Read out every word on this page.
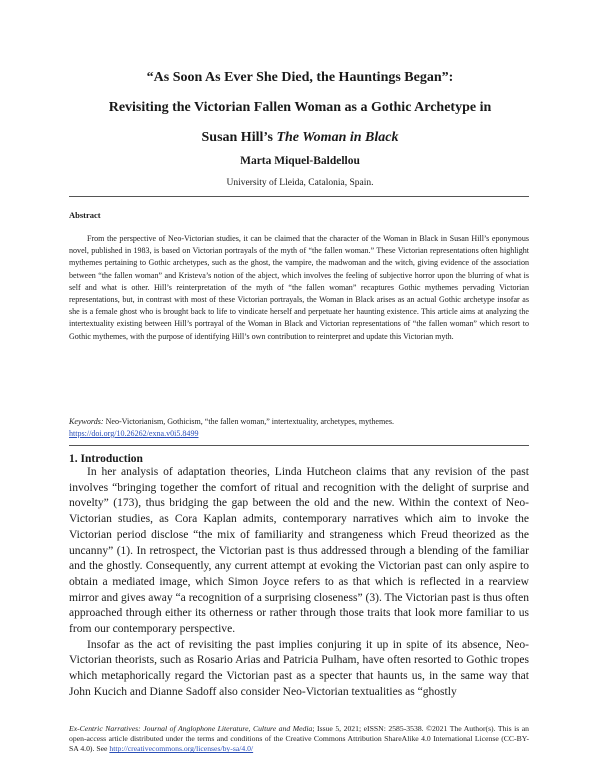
“As Soon As Ever She Died, the Hauntings Began”:
Revisiting the Victorian Fallen Woman as a Gothic Archetype in
Susan Hill’s The Woman in Black
Marta Miquel-Baldellou
University of Lleida, Catalonia, Spain.
Abstract

From the perspective of Neo-Victorian studies, it can be claimed that the character of the Woman in Black in Susan Hill’s eponymous novel, published in 1983, is based on Victorian portrayals of the myth of “the fallen woman.” These Victorian representations often highlight mythemes pertaining to Gothic archetypes, such as the ghost, the vampire, the madwoman and the witch, giving evidence of the association between “the fallen woman” and Kristeva’s notion of the abject, which involves the feeling of subjective horror upon the blurring of what is self and what is other. Hill’s reinterpretation of the myth of “the fallen woman” recaptures Gothic mythemes pervading Victorian representations, but, in contrast with most of these Victorian portrayals, the Woman in Black arises as an actual Gothic archetype insofar as she is a female ghost who is brought back to life to vindicate herself and perpetuate her haunting existence. This article aims at analyzing the intertextuality existing between Hill’s portrayal of the Woman in Black and Victorian representations of “the fallen woman” which resort to Gothic mythemes, with the purpose of identifying Hill’s own contribution to reinterpret and update this Victorian myth.

Keywords: Neo-Victorianism, Gothicism, “the fallen woman,” intertextuality, archetypes, mythemes.
https://doi.org/10.26262/exna.v0i5.8499
1. Introduction

In her analysis of adaptation theories, Linda Hutcheon claims that any revision of the past involves “bringing together the comfort of ritual and recognition with the delight of surprise and novelty” (173), thus bridging the gap between the old and the new. Within the context of Neo-Victorian studies, as Cora Kaplan admits, contemporary narratives which aim to invoke the Victorian period disclose “the mix of familiarity and strangeness which Freud theorized as the uncanny” (1). In retrospect, the Victorian past is thus addressed through a blending of the familiar and the ghostly. Consequently, any current attempt at evoking the Victorian past can only aspire to obtain a mediated image, which Simon Joyce refers to as that which is reflected in a rearview mirror and gives away “a recognition of a surprising closeness” (3). The Victorian past is thus often approached through either its otherness or rather through those traits that look more familiar to us from our contemporary perspective.

Insofar as the act of revisiting the past implies conjuring it up in spite of its absence, Neo-Victorian theorists, such as Rosario Arias and Patricia Pulham, have often resorted to Gothic tropes which metaphorically regard the Victorian past as a specter that haunts us, in the same way that John Kucich and Dianne Sadoff also consider Neo-Victorian textualities as “ghostly

Ex-Centric Narratives: Journal of Anglophone Literature, Culture and Media; Issue 5, 2021; eISSN: 2585-3538. ©2021 The Author(s). This is an open-access article distributed under the terms and conditions of the Creative Commons Attribution ShareAlike 4.0 International License (CC-BY-SA 4.0). See http://creativecommons.org/licenses/by-sa/4.0/
